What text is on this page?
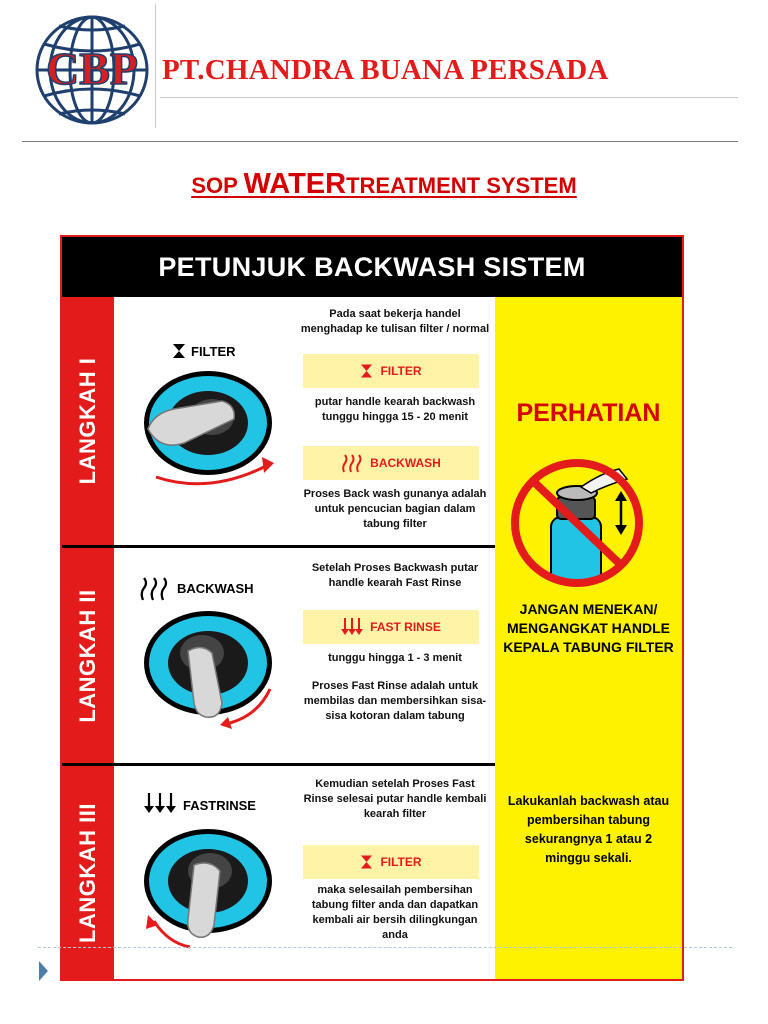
CBP PT.CHANDRA BUANA PERSADA
SOP WATERTREATMENT SYSTEM
PETUNJUK BACKWASH SISTEM
LANGKAH I
LANGKAH II
LANGKAH III
FILTER
Pada saat bekerja handel menghadap ke tulisan filter / normal
FILTER
putar handle kearah backwash tunggu hingga 15 - 20 menit
BACKWASH
Proses Back wash gunanya adalah untuk pencucian bagian dalam tabung filter
BACKWASH
Setelah Proses Backwash putar handle kearah Fast Rinse
FAST RINSE
tunggu hingga 1 - 3 menit
Proses Fast Rinse adalah untuk membilas dan membersihkan sisa-sisa kotoran dalam tabung
FASTRINSE
Kemudian setelah Proses Fast Rinse selesai putar handle kembali kearah filter
FILTER
maka selesailah pembersihan tabung filter anda dan dapatkan kembali air bersih dilingkungan anda
PERHATIAN
JANGAN MENEKAN/ MENGANGKAT HANDLE KEPALA TABUNG FILTER
Lakukanlah backwash atau pembersihan tabung sekurangnya 1 atau 2 minggu sekali.
